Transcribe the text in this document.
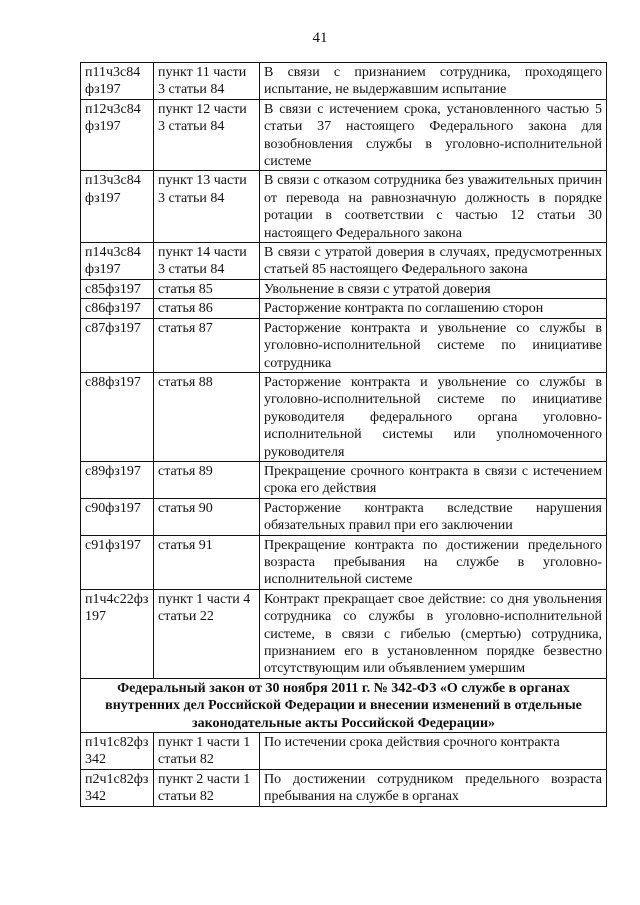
41
п11ч3с84фз197	пункт 11 части 3 статьи 84	В связи с признанием сотрудника, проходящего испытание, не выдержавшим испытание
п12ч3с84фз197	пункт 12 части 3 статьи 84	В связи с истечением срока, установленного частью 5 статьи 37 настоящего Федерального закона для возобновления службы в уголовно-исполнительной системе
п13ч3с84фз197	пункт 13 части 3 статьи 84	В связи с отказом сотрудника без уважительных причин от перевода на равнозначную должность в порядке ротации в соответствии с частью 12 статьи 30 настоящего Федерального закона
п14ч3с84фз197	пункт 14 части 3 статьи 84	В связи с утратой доверия в случаях, предусмотренных статьей 85 настоящего Федерального закона
с85фз197	статья 85	Увольнение в связи с утратой доверия
с86фз197	статья 86	Расторжение контракта по соглашению сторон
с87фз197	статья 87	Расторжение контракта и увольнение со службы в уголовно-исполнительной системе по инициативе сотрудника
с88фз197	статья 88	Расторжение контракта и увольнение со службы в уголовно-исполнительной системе по инициативе руководителя федерального органа уголовно-исполнительной системы или уполномоченного руководителя
с89фз197	статья 89	Прекращение срочного контракта в связи с истечением срока его действия
с90фз197	статья 90	Расторжение контракта вследствие нарушения обязательных правил при его заключении
с91фз197	статья 91	Прекращение контракта по достижении предельного возраста пребывания на службе в уголовно-исполнительной системе
п1ч4с22фз197	пункт 1 части 4 статьи 22	Контракт прекращает свое действие: со дня увольнения сотрудника со службы в уголовно-исполнительной системе, в связи с гибелью (смертью) сотрудника, признанием его в установленном порядке безвестно отсутствующим или объявлением умершим
Федеральный закон от 30 ноября 2011 г. № 342-ФЗ «О службе в органах внутренних дел Российской Федерации и внесении изменений в отдельные законодательные акты Российской Федерации»		
п1ч1с82фз342	пункт 1 части 1 статьи 82	По истечении срока действия срочного контракта
п2ч1с82фз342	пункт 2 части 1 статьи 82	По достижении сотрудником предельного возраста пребывания на службе в органах
